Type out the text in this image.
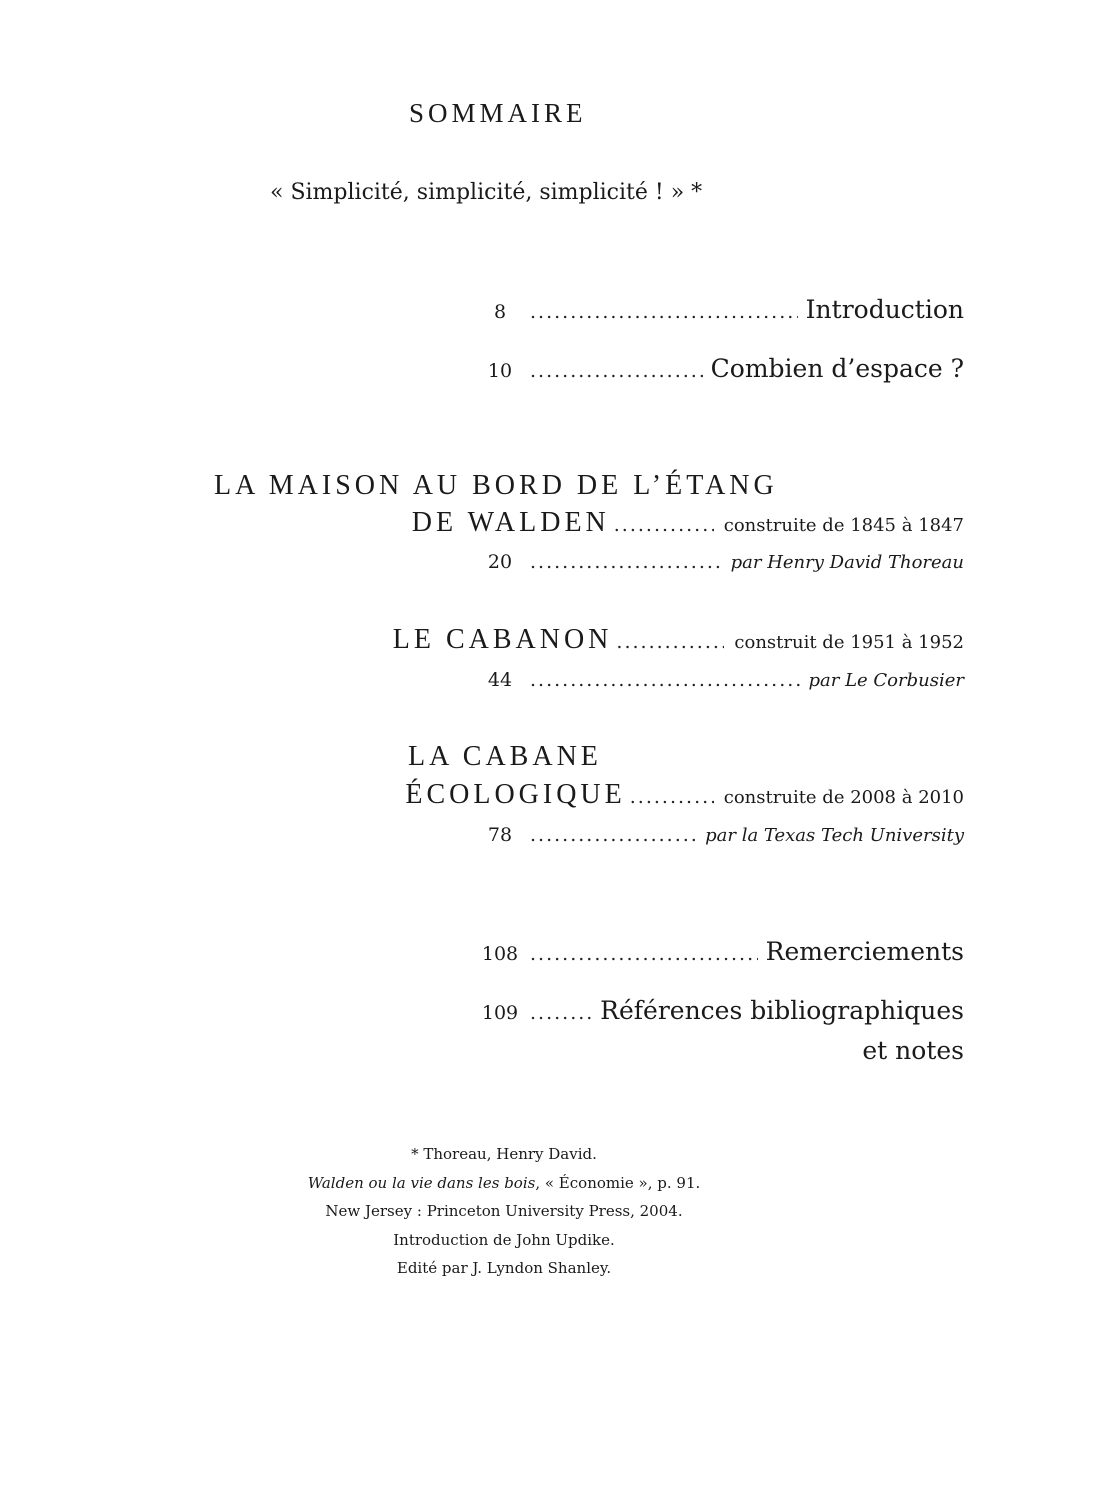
SOMMAIRE
« Simplicité, simplicité, simplicité ! » *
8 .....	Introduction
10 .....	Combien d’espace ?
LA MAISON AU BORD DE L’ÉTANG
DE WALDEN .....	construite de 1845 à 1847
20 .....	par Henry David Thoreau
LE CABANON .....	construit de 1951 à 1952
44 .....	par Le Corbusier
LA CABANE
ÉCOLOGIQUE .....	construite de 2008 à 2010
78 .....	par la Texas Tech University
108 .....	Remerciements
109 .....	Références bibliographiques
et notes
* Thoreau, Henry David.
Walden ou la vie dans les bois, « Économie », p. 91.
New Jersey : Princeton University Press, 2004.
Introduction de John Updike.
Edité par J. Lyndon Shanley.
